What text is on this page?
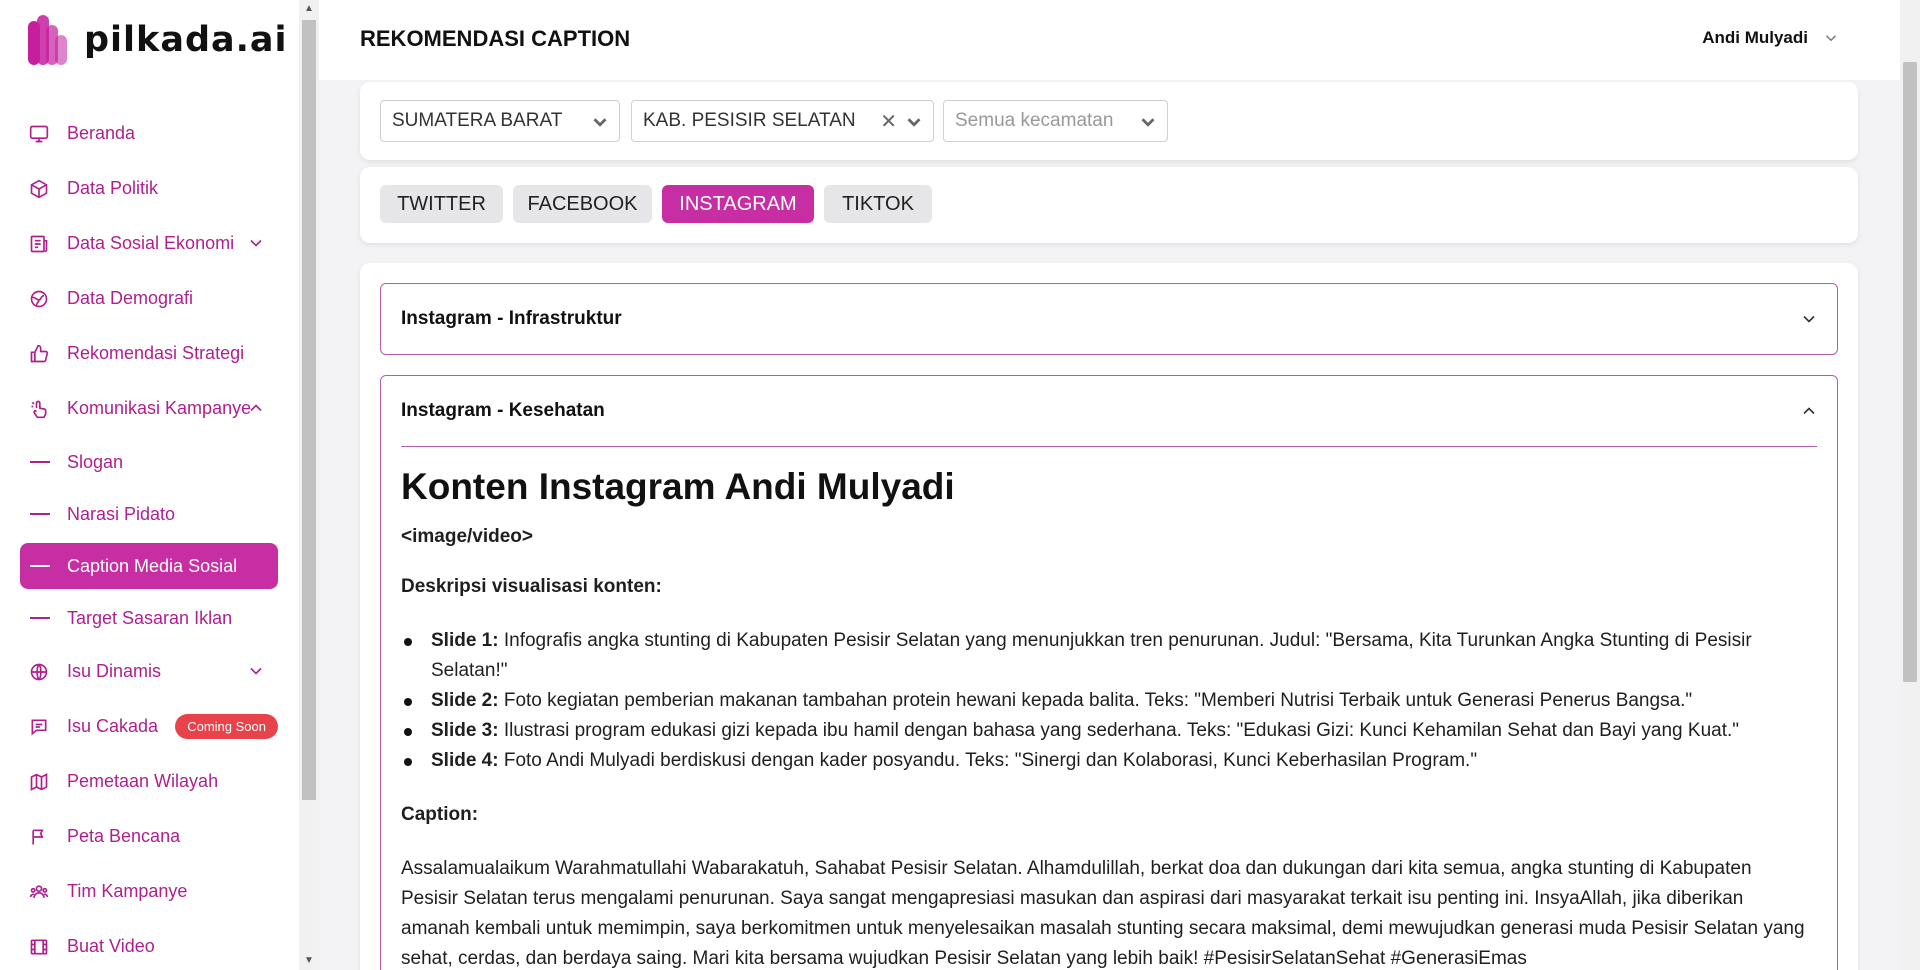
pilkada.ai
Beranda
Data Politik
Data Sosial Ekonomi
Data Demografi
Rekomendasi Strategi
Komunikasi Kampanye
Slogan
Narasi Pidato
Caption Media Sosial
Target Sasaran Iklan
Isu Dinamis
Isu Cakada	Coming Soon
Pemetaan Wilayah
Peta Bencana
Tim Kampanye
Buat Video
▲
▼
REKOMENDASI CAPTION	Andi Mulyadi
SUMATERA BARAT	KAB. PESISIR SELATAN ✕	Semua kecamatan
TWITTER	FACEBOOK	INSTAGRAM	TIKTOK
Instagram - Infrastruktur
Instagram - Kesehatan
Konten Instagram Andi Mulyadi
<image/video>
Deskripsi visualisasi konten:
Slide 1: Infografis angka stunting di Kabupaten Pesisir Selatan yang menunjukkan tren penurunan. Judul: "Bersama, Kita Turunkan Angka Stunting di Pesisir Selatan!"
Slide 2: Foto kegiatan pemberian makanan tambahan protein hewani kepada balita. Teks: "Memberi Nutrisi Terbaik untuk Generasi Penerus Bangsa."
Slide 3: Ilustrasi program edukasi gizi kepada ibu hamil dengan bahasa yang sederhana. Teks: "Edukasi Gizi: Kunci Kehamilan Sehat dan Bayi yang Kuat."
Slide 4: Foto Andi Mulyadi berdiskusi dengan kader posyandu. Teks: "Sinergi dan Kolaborasi, Kunci Keberhasilan Program."
Caption:

Assalamualaikum Warahmatullahi Wabarakatuh, Sahabat Pesisir Selatan. Alhamdulillah, berkat doa dan dukungan dari kita semua, angka stunting di Kabupaten Pesisir Selatan terus mengalami penurunan. Saya sangat mengapresiasi masukan dan aspirasi dari masyarakat terkait isu penting ini. InsyaAllah, jika diberikan amanah kembali untuk memimpin, saya berkomitmen untuk menyelesaikan masalah stunting secara maksimal, demi mewujudkan generasi muda Pesisir Selatan yang sehat, cerdas, dan berdaya saing. Mari kita bersama wujudkan Pesisir Selatan yang lebih baik! #PesisirSelatanSehat #GenerasiEmas
